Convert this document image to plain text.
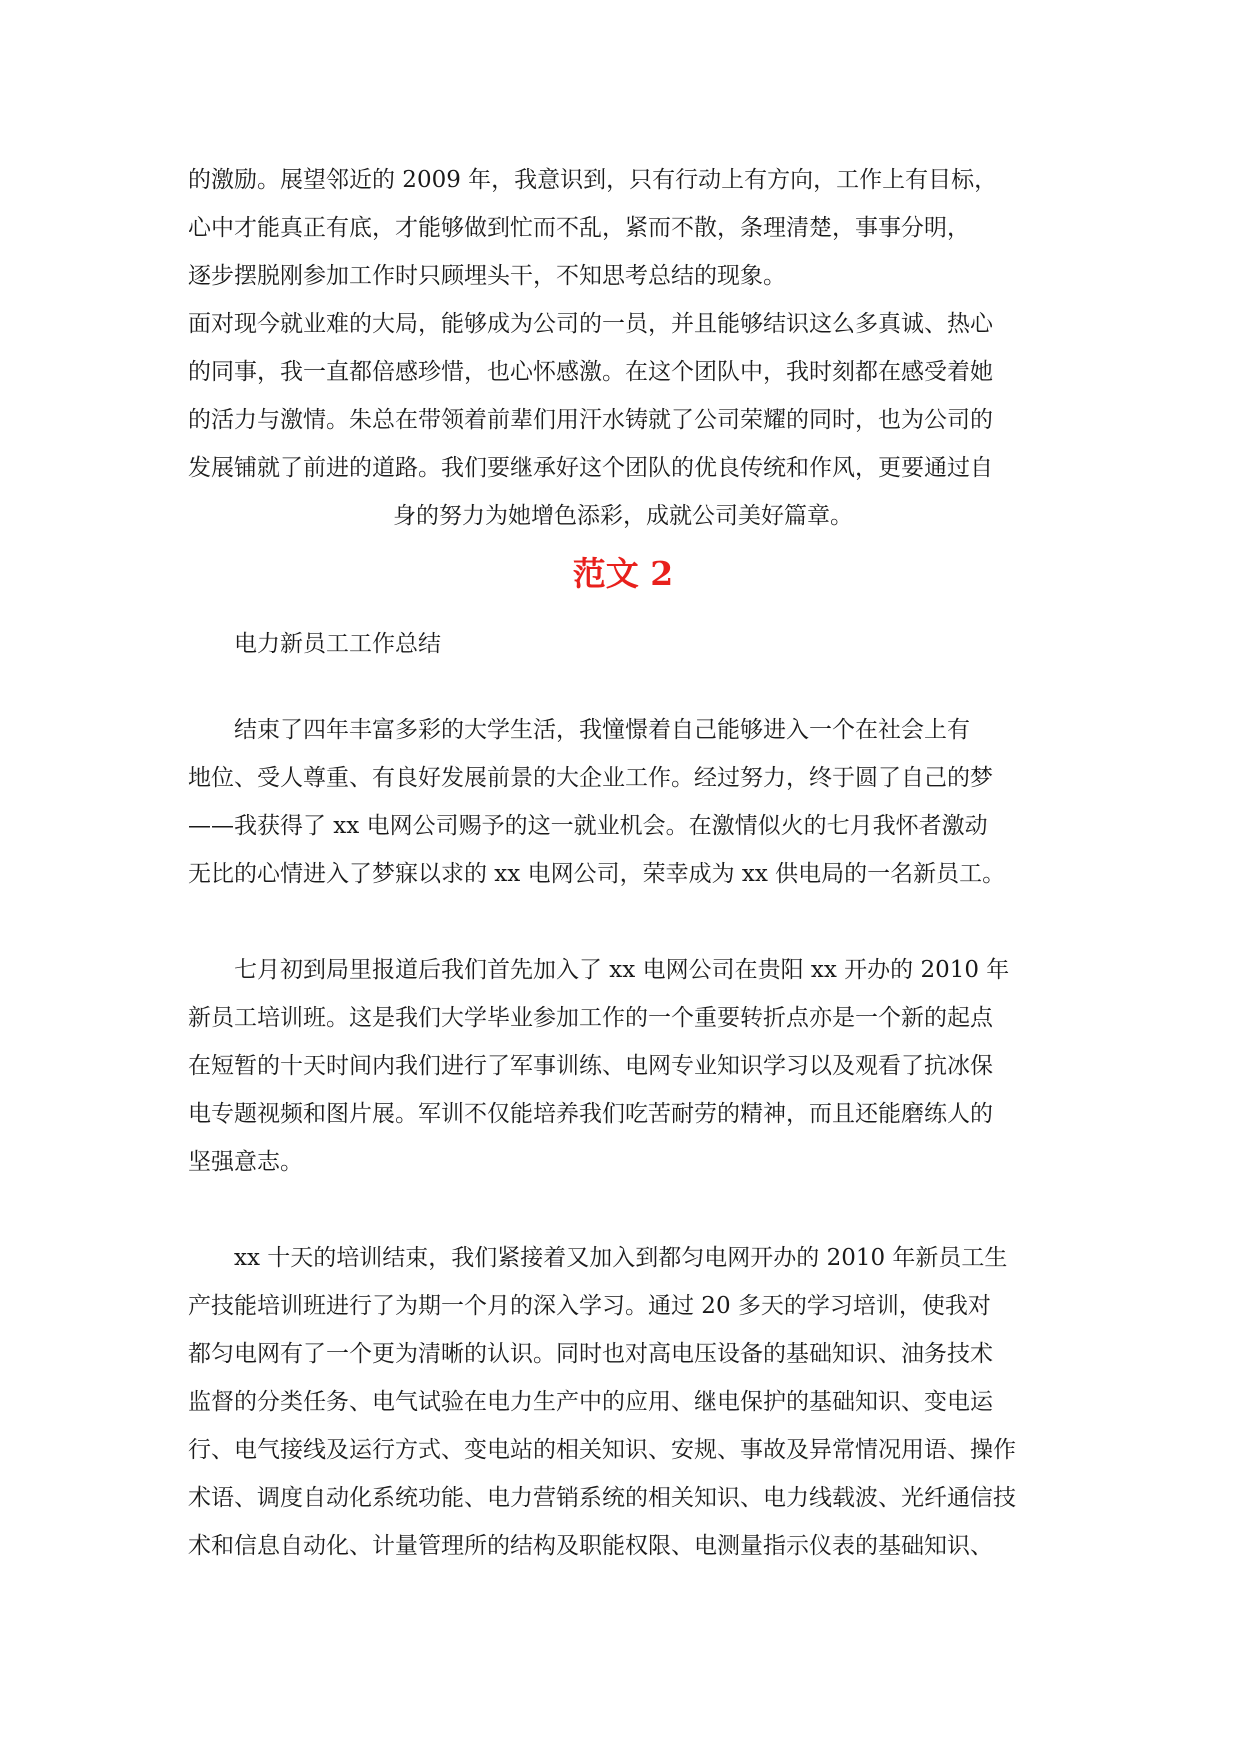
的激励。展望邻近的 2009 年，我意识到，只有行动上有方向，工作上有目标，
心中才能真正有底，才能够做到忙而不乱，紧而不散，条理清楚，事事分明，
逐步摆脱刚参加工作时只顾埋头干，不知思考总结的现象。
面对现今就业难的大局，能够成为公司的一员，并且能够结识这么多真诚、热心
的同事，我一直都倍感珍惜，也心怀感激。在这个团队中，我时刻都在感受着她
的活力与激情。朱总在带领着前辈们用汗水铸就了公司荣耀的同时，也为公司的
发展铺就了前进的道路。我们要继承好这个团队的优良传统和作风，更要通过自
身的努力为她增色添彩，成就公司美好篇章。
范文 2
电力新员工工作总结
结束了四年丰富多彩的大学生活，我憧憬着自己能够进入一个在社会上有
地位、受人尊重、有良好发展前景的大企业工作。经过努力，终于圆了自己的梦
——我获得了 xx 电网公司赐予的这一就业机会。在激情似火的七月我怀者激动
无比的心情进入了梦寐以求的 xx 电网公司，荣幸成为 xx 供电局的一名新员工。
七月初到局里报道后我们首先加入了 xx 电网公司在贵阳 xx 开办的 2010 年
新员工培训班。这是我们大学毕业参加工作的一个重要转折点亦是一个新的起点
在短暂的十天时间内我们进行了军事训练、电网专业知识学习以及观看了抗冰保
电专题视频和图片展。军训不仅能培养我们吃苦耐劳的精神，而且还能磨练人的
坚强意志。
xx 十天的培训结束，我们紧接着又加入到都匀电网开办的 2010 年新员工生
产技能培训班进行了为期一个月的深入学习。通过 20 多天的学习培训，使我对
都匀电网有了一个更为清晰的认识。同时也对高电压设备的基础知识、油务技术
监督的分类任务、电气试验在电力生产中的应用、继电保护的基础知识、变电运
行、电气接线及运行方式、变电站的相关知识、安规、事故及异常情况用语、操作
术语、调度自动化系统功能、电力营销系统的相关知识、电力线载波、光纤通信技
术和信息自动化、计量管理所的结构及职能权限、电测量指示仪表的基础知识、
